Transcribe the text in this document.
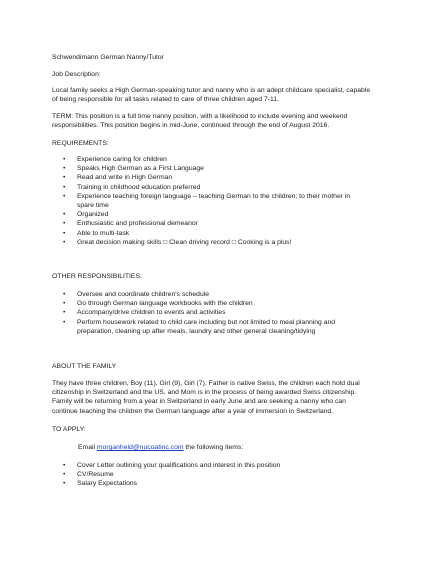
Schwendimann German Nanny/Tutor
Job Description:
Local family seeks a High German-speaking tutor and nanny who is an adept childcare specialist, capable
of being responsible for all tasks related to care of three children aged 7-11.
TERM: This position is a full time nanny position, with a likelihood to include evening and weekend
responsibilities. This position begins in mid-June, continued through the end of August 2016.
REQUIREMENTS:
• Experience caring for children
• Speaks High German as a First Language
• Read and write in High German
• Training in childhood education preferred
• Experience teaching foreign language – teaching German to the children; to their mother in
spare time
• Organized
• Enthusiastic and professional demeanor
• Able to multi-task
• Great decision making skills □ Clean driving record □ Cooking is a plus!
OTHER RESPONSIBILITIES:
• Oversee and coordinate children's schedule
• Go through German language workbooks with the children
• Accompany/drive children to events and activities
• Perform housework related to child care including but not limited to meal planning and
preparation, cleaning up after meals, laundry and other general cleaning/tidying
ABOUT THE FAMILY
They have three children, Boy (11), Girl (9), Girl (7). Father is native Swiss, the children each hold dual
citizenship in Switzerland and the US, and Mom is in the process of being awarded Swiss citizenship.
Family will be returning from a year in Switzerland in early June and are seeking a nanny who can
continue teaching the children the German language after a year of immersion in Switzerland.
TO APPLY:
Email morganheld@nucoatinc.com the following items:
• Cover Letter outlining your qualifications and interest in this position
• CV/Resume
• Salary Expectations
